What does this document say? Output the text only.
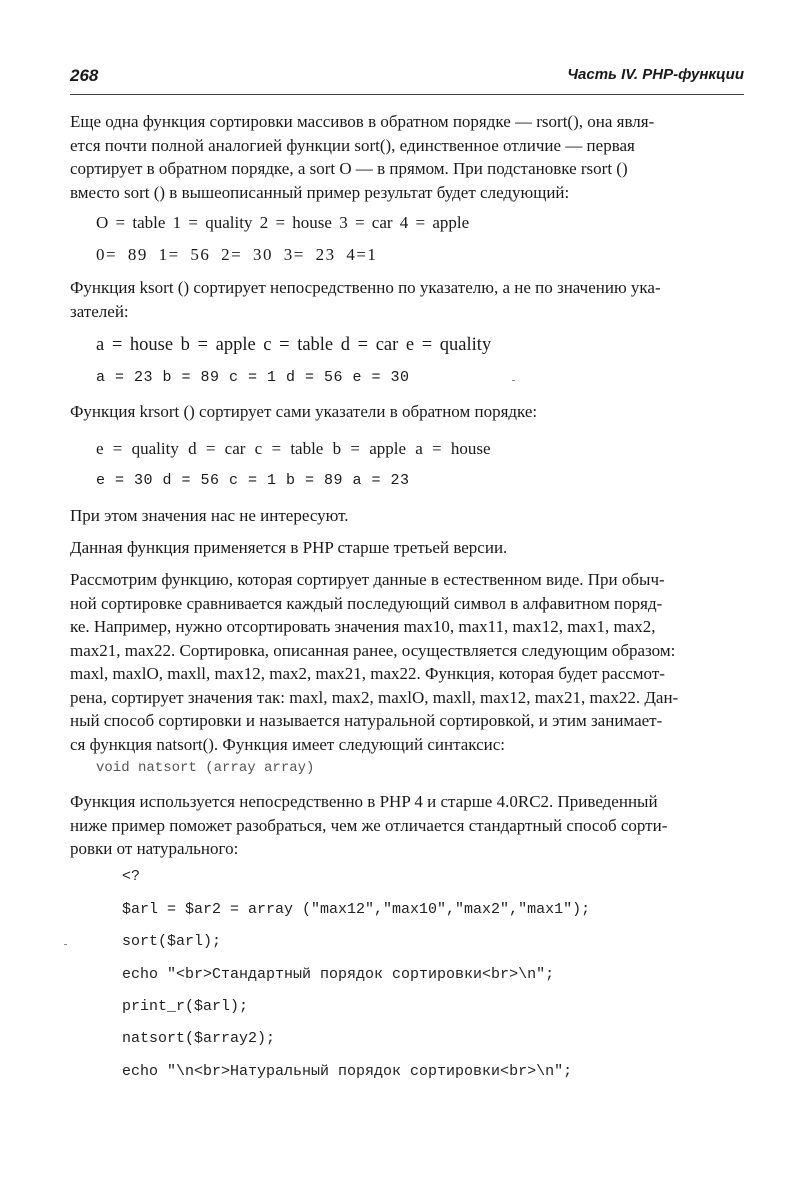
268	Часть IV. PHP-функции
Еще одна функция сортировки массивов в обратном порядке — rsort(), она явля-
ется почти полной аналогией функции sort(), единственное отличие — первая
сортирует в обратном порядке, а sort О — в прямом. При подстановке rsort ()
вместо sort () в вышеописанный пример результат будет следующий:
О = table 1 = quality 2 = house 3 = car 4 = apple
0= 89 1= 56 2= 30 3= 23 4=1
Функция ksort () сортирует непосредственно по указателю, а не по значению ука-
зателей:
a = house b = apple c = table d = car e = quality
a = 23 b = 89 c = 1 d = 56 e = 30
Функция krsort () сортирует сами указатели в обратном порядке:
e = quality d = car c = table b = apple a = house
e = 30 d = 56 c = 1 b = 89 a = 23
При этом значения нас не интересуют.
Данная функция применяется в PHP старше третьей версии.
Рассмотрим функцию, которая сортирует данные в естественном виде. При обыч-
ной сортировке сравнивается каждый последующий символ в алфавитном поряд-
ке. Например, нужно отсортировать значения max10, max11, max12, max1, max2,
max21, max22. Сортировка, описанная ранее, осуществляется следующим образом:
maxl, maxlO, maxll, max12, max2, max21, max22. Функция, которая будет рассмот-
рена, сортирует значения так: maxl, max2, maxlO, maxll, max12, max21, max22. Дан-
ный способ сортировки и называется натуральной сортировкой, и этим занимает-
ся функция natsort(). Функция имеет следующий синтаксис:
void natsort (array array)
Функция используется непосредственно в PHP 4 и старше 4.0RC2. Приведенный
ниже пример поможет разобраться, чем же отличается стандартный способ сорти-
ровки от натурального:
<?
$arl = $ar2 = array ("max12","max10","max2","max1");
sort($arl);
echo "<br>Стандартный порядок сортировки<br>\n";
print_r($arl);
natsort($array2);
echo "\n<br>Натуральный порядок сортировки<br>\n";
